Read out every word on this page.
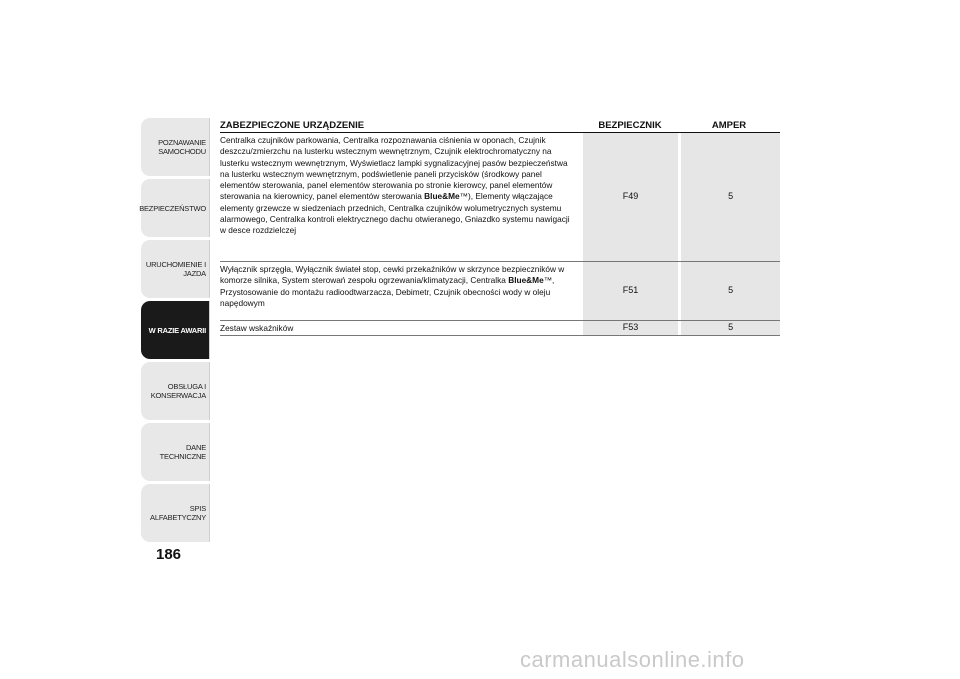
POZNAWANIE
SAMOCHODU
BEZPIECZEŃSTWO
URUCHOMIENIE I
JAZDA
W RAZIE AWARII
OBSŁUGA I
KONSERWACJA
DANE TECHNICZNE
SPIS ALFABETYCZNY
186
ZABEZPIECZONE URZĄDZENIE	BEZPIECZNIK	AMPER
Centralka czujników parkowania, Centralka rozpoznawania ciśnienia w oponach, Czujnik deszczu/zmierzchu na lusterku wstecznym wewnętrznym, Czujnik elektrochromatyczny na lusterku wstecznym wewnętrznym, Wyświetlacz lampki sygnalizacyjnej pasów bezpieczeństwa na lusterku wstecznym wewnętrznym, podświetlenie paneli przycisków (środkowy panel elementów sterowania, panel elementów sterowania po stronie kierowcy, panel elementów sterowania na kierownicy, panel elementów sterowania Blue&Me™), Elementy włączające elementy grzewcze w siedzeniach przednich, Centralka czujników wolumetrycznych systemu alarmowego, Centralka kontroli elektrycznego dachu otwieranego, Gniazdko systemu nawigacji w desce rozdzielczej
F49	5
Wyłącznik sprzęgła, Wyłącznik świateł stop, cewki przekaźników w skrzynce bezpieczników w komorze silnika, System sterowań zespołu ogrzewania/klimatyzacji, Centralka Blue&Me™, Przystosowanie do montażu radioodtwarzacza, Debimetr, Czujnik obecności wody w oleju napędowym
F51	5
Zestaw wskaźników	F53	5
carmanualsonline.info
